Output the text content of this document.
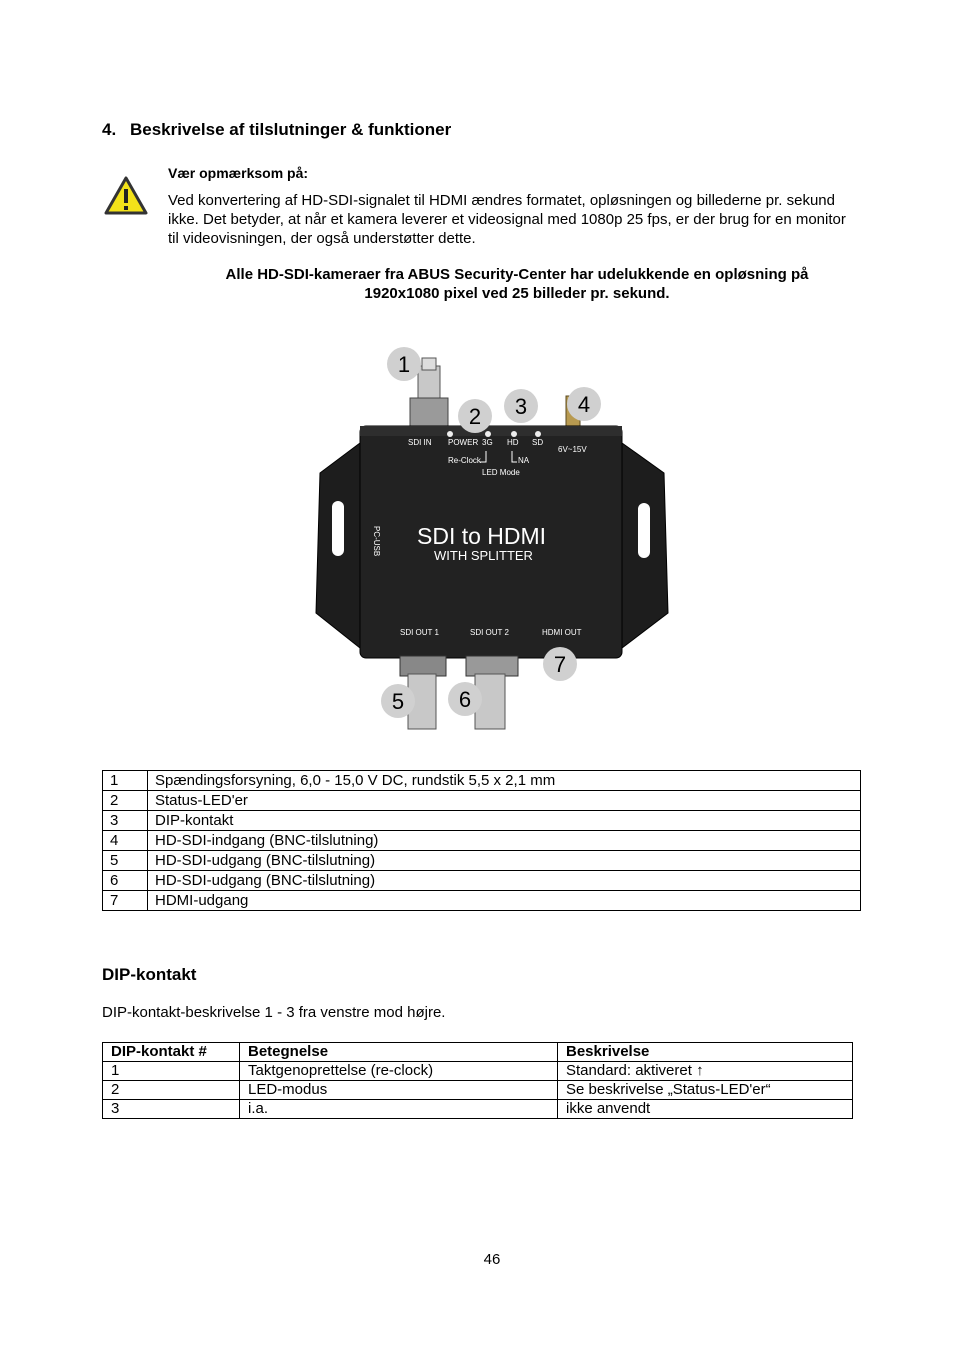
4. Beskrivelse af tilslutninger & funktioner
Vær opmærksom på:
Ved konvertering af HD-SDI-signalet til HDMI ændres formatet, opløsningen og billederne pr. sekund ikke. Det betyder, at når et kamera leverer et videosignal med 1080p 25 fps, er der brug for en monitor til videovisningen, der også understøtter dette.
Alle HD-SDI-kameraer fra ABUS Security-Center har udelukkende en opløsning på
1920x1080 pixel ved 25 billeder pr. sekund.
SDI IN POWER 3G HD SD
6V~15V
Re-Clock	NA
LED Mode
SDI OUT 1	SDI OUT 2	HDMI OUT
PC-USB SDI to HDMI
WITH SPLITTER
1
2 3 4
7
5 6
1	Spændingsforsyning, 6,0 - 15,0 V DC, rundstik 5,5 x 2,1 mm
2	Status-LED'er
3	DIP-kontakt
4	HD-SDI-indgang (BNC-tilslutning)
5	HD-SDI-udgang (BNC-tilslutning)
6	HD-SDI-udgang (BNC-tilslutning)
7	HDMI-udgang
DIP-kontakt
DIP-kontakt-beskrivelse 1 - 3 fra venstre mod højre.
DIP-kontakt #	Betegnelse	Beskrivelse
1	Taktgenoprettelse (re-clock)	Standard: aktiveret ↑
2	LED-modus	Se beskrivelse „Status-LED'er“
3	i.a.	ikke anvendt
46
